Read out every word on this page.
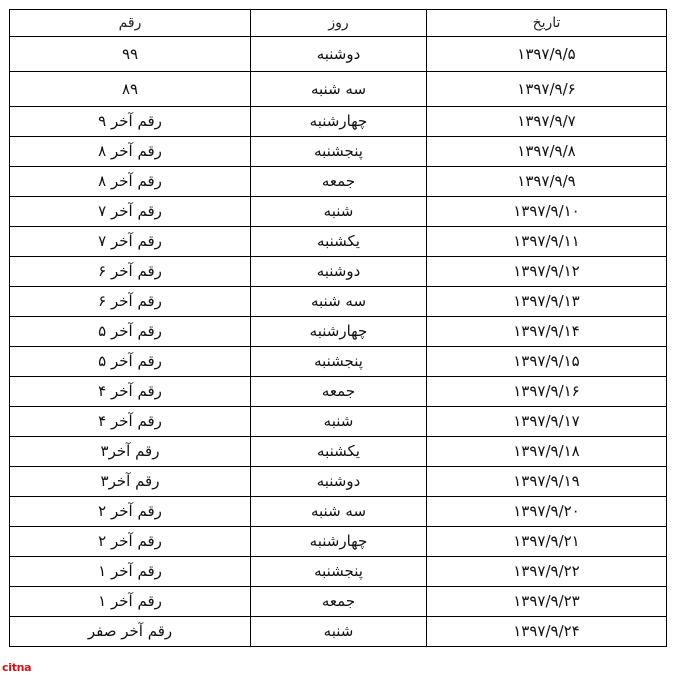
تاریخ	روز	رقم
۱۳۹۷/۹/۵	دوشنبه	۹۹
۱۳۹۷/۹/۶	سه شنبه	۸۹
۱۳۹۷/۹/۷	چهارشنبه	رقم آخر ۹
۱۳۹۷/۹/۸	پنجشنبه	رقم آخر ۸
۱۳۹۷/۹/۹	جمعه	رقم آخر ۸
۱۳۹۷/۹/۱۰	شنبه	رقم آخر ۷
۱۳۹۷/۹/۱۱	یکشنبه	رقم آخر ۷
۱۳۹۷/۹/۱۲	دوشنبه	رقم آخر ۶
۱۳۹۷/۹/۱۳	سه شنبه	رقم آخر ۶
۱۳۹۷/۹/۱۴	چهارشنبه	رقم آخر ۵
۱۳۹۷/۹/۱۵	پنجشنبه	رقم آخر ۵
۱۳۹۷/۹/۱۶	جمعه	رقم آخر ۴
۱۳۹۷/۹/۱۷	شنبه	رقم آخر ۴
۱۳۹۷/۹/۱۸	یکشنبه	رقم آخر۳
۱۳۹۷/۹/۱۹	دوشنبه	رقم آخر۳
۱۳۹۷/۹/۲۰	سه شنبه	رقم آخر ۲
۱۳۹۷/۹/۲۱	چهارشنبه	رقم آخر ۲
۱۳۹۷/۹/۲۲	پنجشنبه	رقم آخر ۱
۱۳۹۷/۹/۲۳	جمعه	رقم آخر ۱
۱۳۹۷/۹/۲۴	شنبه	رقم آخر صفر
citna
